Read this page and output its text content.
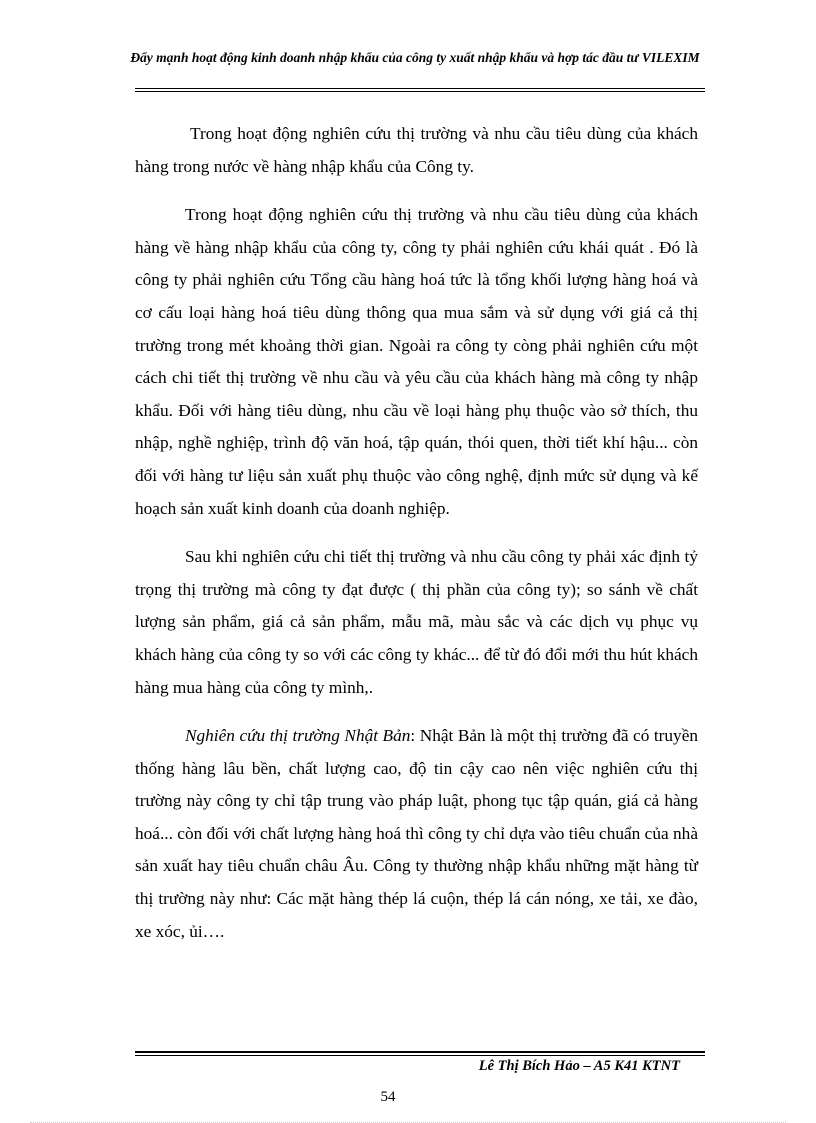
Đẩy mạnh hoạt động kinh doanh nhập khẩu của công ty xuất nhập khẩu và hợp tác đầu tư VILEXIM

Trong hoạt động nghiên cứu thị trường và nhu cầu tiêu dùng của khách hàng trong nước về hàng nhập khẩu của Công ty.

Trong hoạt động nghiên cứu thị trường và nhu cầu tiêu dùng của khách hàng về hàng nhập khẩu của công ty, công ty phải nghiên cứu khái quát . Đó là công ty phải nghiên cứu Tổng cầu hàng hoá tức là tổng khối lượng hàng hoá và cơ cấu loại hàng hoá tiêu dùng thông qua mua sắm và sử dụng với giá cả thị trường trong mét khoảng thời gian. Ngoài ra công ty còng phải nghiên cứu một cách chi tiết thị trường về nhu cầu và yêu cầu của khách hàng mà công ty nhập khẩu. Đối với hàng tiêu dùng, nhu cầu về loại hàng phụ thuộc vào sở thích, thu nhập, nghề nghiệp, trình độ văn hoá, tập quán, thói quen, thời tiết khí hậu... còn đối với hàng tư liệu sản xuất phụ thuộc vào công nghệ, định mức sử dụng và kế hoạch sản xuất kinh doanh của doanh nghiệp.

Sau khi nghiên cứu chi tiết thị trường và nhu cầu công ty phải xác định tỷ trọng thị trường mà công ty đạt được ( thị phần của công ty); so sánh về chất lượng sản phẩm, giá cả sản phẩm, mẫu mã, màu sắc và các dịch vụ phục vụ khách hàng của công ty so với các công ty khác... để từ đó đổi mới thu hút khách hàng mua hàng của công ty mình,.

Nghiên cứu thị trường Nhật Bản: Nhật Bản là một thị trường đã có truyền thống hàng lâu bền, chất lượng cao, độ tin cậy cao nên việc nghiên cứu thị trường này công ty chỉ tập trung vào pháp luật, phong tục tập quán, giá cả hàng hoá... còn đối với chất lượng hàng hoá thì công ty chỉ dựa vào tiêu chuẩn của nhà sản xuất hay tiêu chuẩn châu Âu. Công ty thường nhập khẩu những mặt hàng từ thị trường này như: Các mặt hàng thép lá cuộn, thép lá cán nóng, xe tải, xe đào, xe xóc, ủi….

Lê Thị Bích Hảo – A5 K41 KTNT
54
